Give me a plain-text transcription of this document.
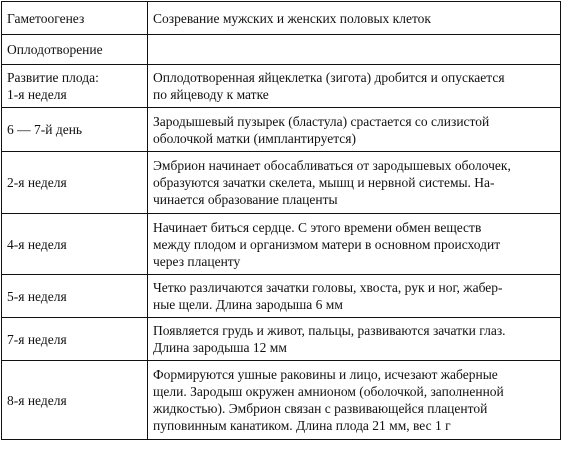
Гаметоогенез	Созревание мужских и женских половых клеток

Оплодотворение	

Развитие плода:
1-я неделя	Оплодотворенная яйцеклетка (зигота) дробится и опускается
по яйцеводу к матке

6 — 7-й день	Зародышевый пузырек (бластула) срастается со слизистой
оболочкой матки (имплантируется)

2-я неделя	Эмбрион начинает обосабливаться от зародышевых оболочек,
образуются зачатки скелета, мышц и нервной системы. На-
чинается образование плаценты

4-я неделя	Начинает биться сердце. С этого времени обмен веществ
между плодом и организмом матери в основном происходит
через плаценту

5-я неделя	Четко различаются зачатки головы, хвоста, рук и ног, жабер-
ные щели. Длина зародыша 6 мм

7-я неделя	Появляется грудь и живот, пальцы, развиваются зачатки глаз.
Длина зародыша 12 мм

8-я неделя	Формируются ушные раковины и лицо, исчезают жаберные
щели. Зародыш окружен амнионом (оболочкой, заполненной
жидкостью). Эмбрион связан с развивающейся плацентой
пуповинным канатиком. Длина плода 21 мм, вес 1 г
